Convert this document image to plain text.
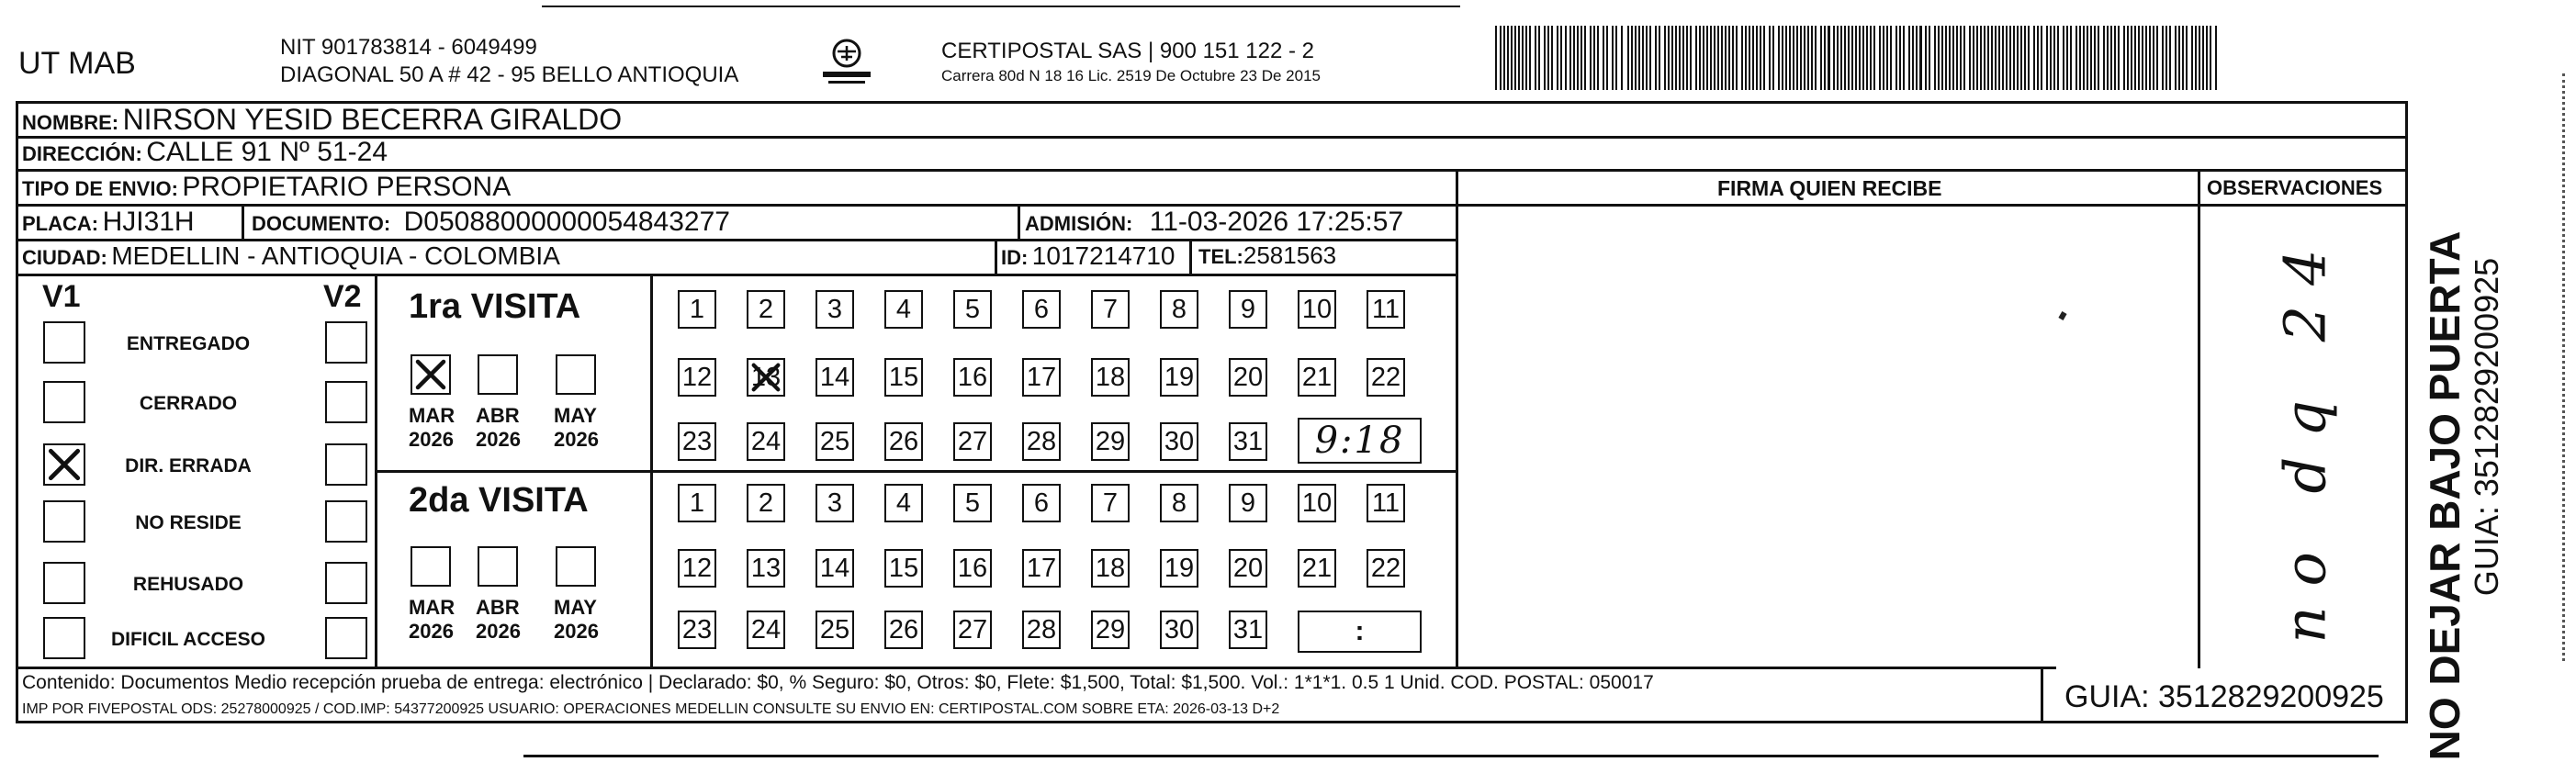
UT MAB	NIT 901783814 - 6049499
DIAGONAL 50 A # 42 - 95 BELLO ANTIOQUIA
CERTIPOSTAL SAS | 900 151 122 - 2
Carrera 80d N 18 16 Lic. 2519 De Octubre 23 De 2015
NOMBRE: NIRSON YESID BECERRA GIRALDO
DIRECCIÓN: CALLE 91 Nº 51-24
TIPO DE ENVIO: PROPIETARIO PERSONA	FIRMA QUIEN RECIBE	OBSERVACIONES
PLACA: HJI31H	DOCUMENTO: D05088000000054843277	ADMISIÓN: 11-03-2026 17:25:57
CIUDAD: MEDELLIN - ANTIOQUIA - COLOMBIA	ID: 1017214710 TEL:2581563
V1	V2
ENTREGADO
CERRADO
DIR. ERRADA
NO RESIDE
REHUSADO
DIFICIL ACCESO
1ra VISITA
2da VISITA
MAR
2026
ABR
2026
MAY
2026
MAR
2026
ABR
2026
MAY
2026
1 2 3 4 5 6 7 8 9 10 11
12 13 14 15 16 17 18 19 20 21 22
23 24 25 26 27 28 29 30 31
1 2 3 4 5 6 7 8 9 10 11
12 13 14 15 16 17 18 19 20 21 22
23 24 25 26 27 28 29 30 31
9:18
:	no dq 24
Contenido: Documentos Medio recepción prueba de entrega: electrónico | Declarado: $0, % Seguro: $0, Otros: $0, Flete: $1,500, Total: $1,500. Vol.: 1*1*1. 0.5 1 Unid. COD. POSTAL: 050017
IMP POR FIVEPOSTAL ODS: 25278000925 / COD.IMP: 54377200925 USUARIO: OPERACIONES MEDELLIN CONSULTE SU ENVIO EN: CERTIPOSTAL.COM SOBRE ETA: 2026-03-13 D+2	GUIA: 3512829200925 NO DEJAR BAJO PUERTA GUIA: 3512829200925
